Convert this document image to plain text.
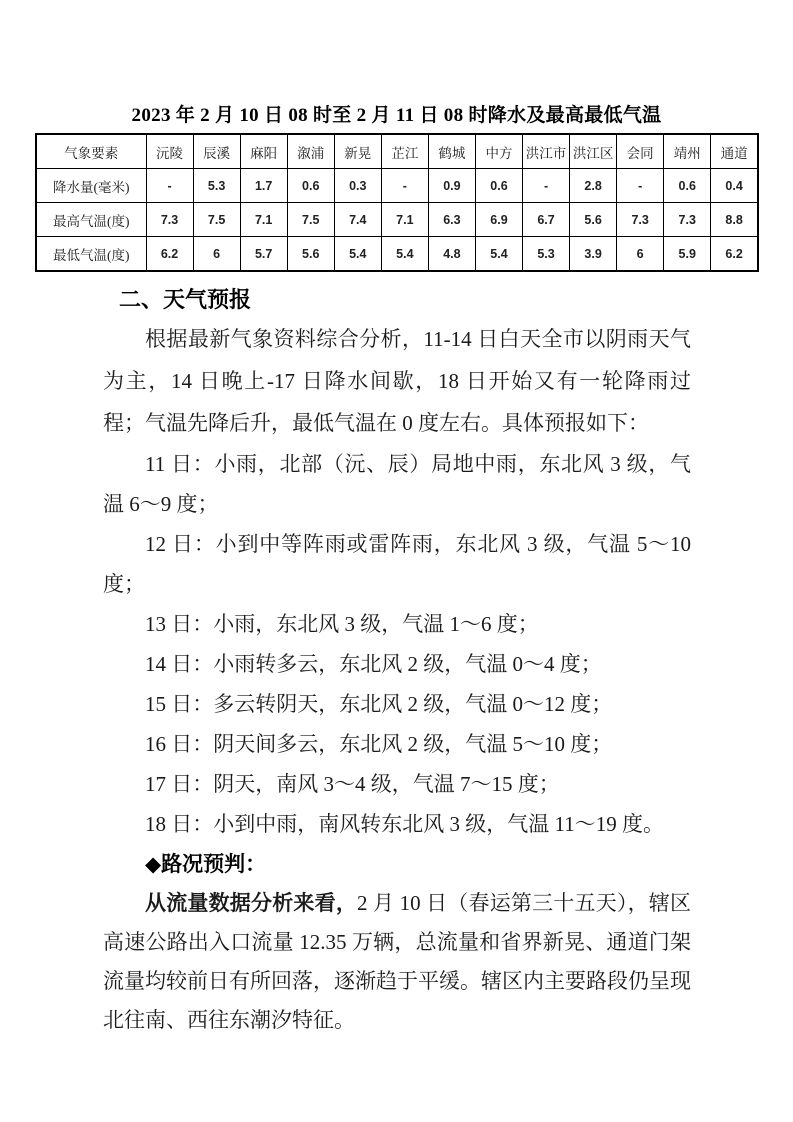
2023 年 2 月 10 日 08 时至 2 月 11 日 08 时降水及最高最低气温
气象要素	沅陵	辰溪	麻阳	溆浦	新晃	芷江	鹤城	中方	洪江市	洪江区	会同	靖州	通道
降水量(毫米)	-	5.3	1.7	0.6	0.3	-	0.9	0.6	-	2.8	-	0.6	0.4
最高气温(度)	7.3	7.5	7.1	7.5	7.4	7.1	6.3	6.9	6.7	5.6	7.3	7.3	8.8
最低气温(度)	6.2	6	5.7	5.6	5.4	5.4	4.8	5.4	5.3	3.9	6	5.9	6.2
二、天气预报

根据最新气象资料综合分析，11-14 日白天全市以阴雨天气为主，14 日晚上-17 日降水间歇，18 日开始又有一轮降雨过程；气温先降后升，最低气温在 0 度左右。具体预报如下：

11 日：小雨，北部（沅、辰）局地中雨，东北风 3 级，气温 6～9 度；

12 日：小到中等阵雨或雷阵雨，东北风 3 级，气温 5～10 度；

13 日：小雨，东北风 3 级，气温 1～6 度；

14 日：小雨转多云，东北风 2 级，气温 0～4 度；

15 日：多云转阴天，东北风 2 级，气温 0～12 度；

16 日：阴天间多云，东北风 2 级，气温 5～10 度；

17 日：阴天，南风 3～4 级，气温 7～15 度；

18 日：小到中雨，南风转东北风 3 级，气温 11～19 度。

◆路况预判：

从流量数据分析来看，2 月 10 日（春运第三十五天），辖区高速公路出入口流量 12.35 万辆，总流量和省界新晃、通道门架流量均较前日有所回落，逐渐趋于平缓。辖区内主要路段仍呈现北往南、西往东潮汐特征。
